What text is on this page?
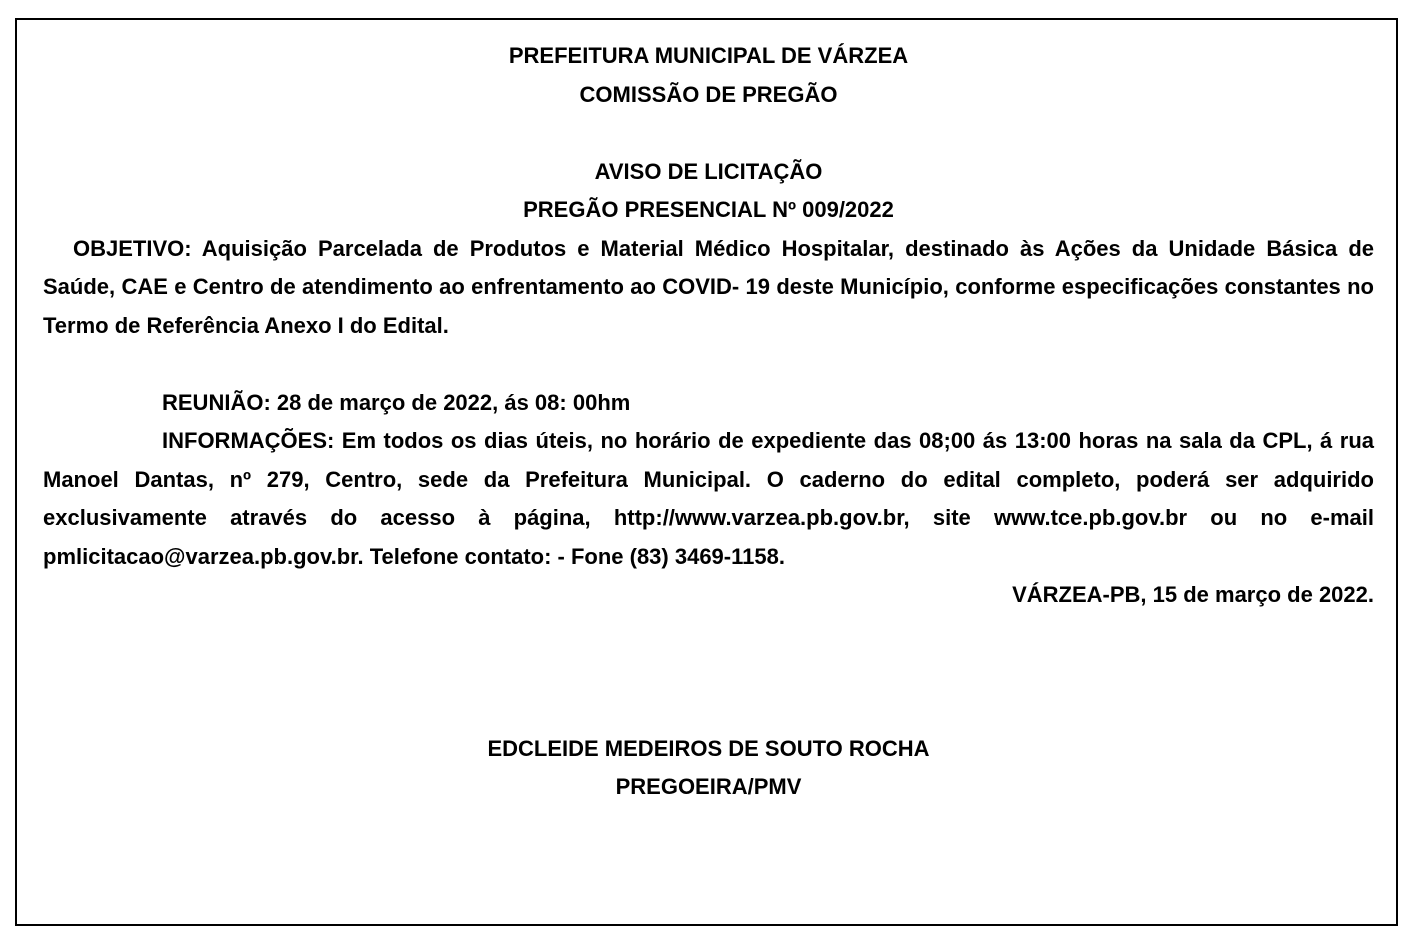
PREFEITURA MUNICIPAL DE VÁRZEA
COMISSÃO DE PREGÃO
AVISO DE LICITAÇÃO
PREGÃO PRESENCIAL Nº 009/2022
OBJETIVO: Aquisição Parcelada de Produtos e Material Médico Hospitalar, destinado às Ações da Unidade Básica de Saúde, CAE e Centro de atendimento ao enfrentamento ao COVID- 19 deste Município, conforme especificações constantes no Termo de Referência Anexo I do Edital.
REUNIÃO: 28 de março de 2022, ás 08: 00hm
INFORMAÇÕES: Em todos os dias úteis, no horário de expediente das 08;00 ás 13:00 horas na sala da CPL, á rua Manoel Dantas, nº 279, Centro, sede da Prefeitura Municipal. O caderno do edital completo, poderá ser adquirido exclusivamente através do acesso à página, http://www.varzea.pb.gov.br, site www.tce.pb.gov.br ou no e-mail pmlicitacao@varzea.pb.gov.br. Telefone contato: - Fone (83) 3469-1158.
VÁRZEA-PB, 15 de março de 2022.
EDCLEIDE MEDEIROS DE SOUTO ROCHA
PREGOEIRA/PMV
